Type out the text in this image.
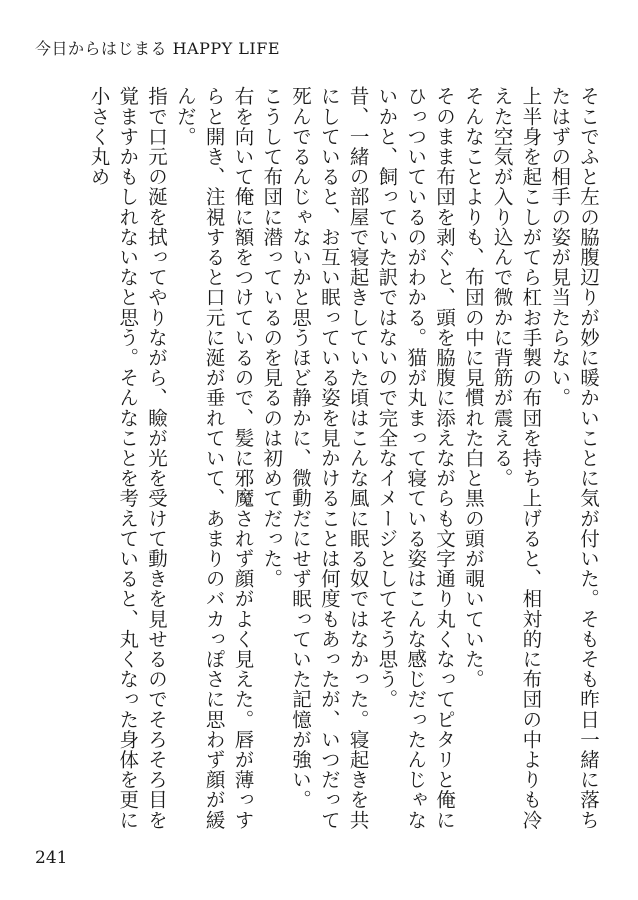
今日からはじまる HAPPY LIFE

そこでふと左の脇腹辺りが妙に暖かいことに気が付いた。そもそも昨日一緒に落ちたはずの相手の姿が見当たらない。

上半身を起こしがてら杠お手製の布団を持ち上げると、相対的に布団の中よりも冷えた空気が入り込んで微かに背筋が震える。

そんなことよりも、布団の中に見慣れた白と黒の頭が覗いていた。

そのまま布団を剥ぐと、頭を脇腹に添えながらも文字通り丸くなってピタリと俺にひっついているのがわかる。猫が丸まって寝ている姿はこんな感じだったんじゃないかと、飼っていた訳ではないので完全なイメージとしてそう思う。

昔、一緒の部屋で寝起きしていた頃はこんな風に眠る奴ではなかった。寝起きを共にしていると、お互い眠っている姿を見かけることは何度もあったが、いつだって死んでるんじゃないかと思うほど静かに、微動だにせず眠っていた記憶が強い。

こうして布団に潜っているのを見るのは初めてだった。

右を向いて俺に額をつけているので、髪に邪魔されず顔がよく見えた。唇が薄っすらと開き、注視すると口元に涎が垂れていて、あまりのバカっぽさに思わず顔が緩んだ。

指で口元の涎を拭ってやりながら、瞼が光を受けて動きを見せるのでそろそろ目を覚ますかもしれないなと思う。そんなことを考えていると、丸くなった身体を更に小さく丸め

241
